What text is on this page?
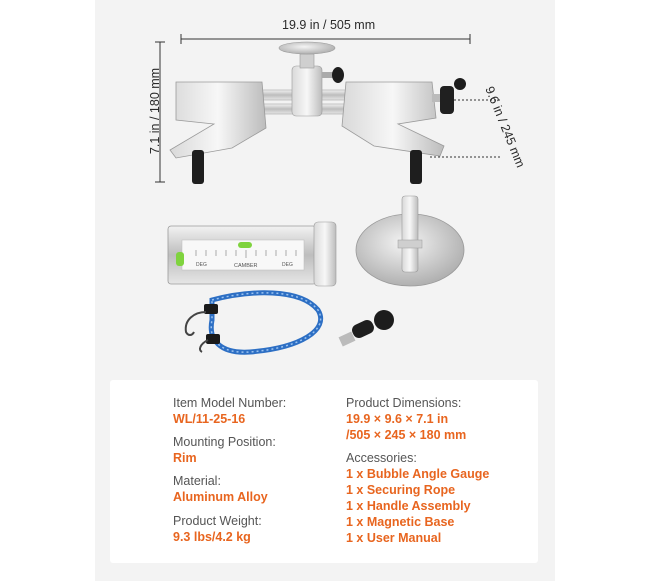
DEG	CAMBER	DEG
19.9 in / 505 mm
7.1 in / 180 mm	9.6 in / 245 mm
Item Model Number:
WL/11-25-16
Mounting Position:
Rim
Material:
Aluminum Alloy
Product Weight:
9.3 lbs/4.2 kg
Product Dimensions:
19.9 × 9.6 × 7.1 in
/505 × 245 × 180 mm
Accessories:
1 x Bubble Angle Gauge
1 x Securing Rope
1 x Handle Assembly
1 x Magnetic Base
1 x User Manual
